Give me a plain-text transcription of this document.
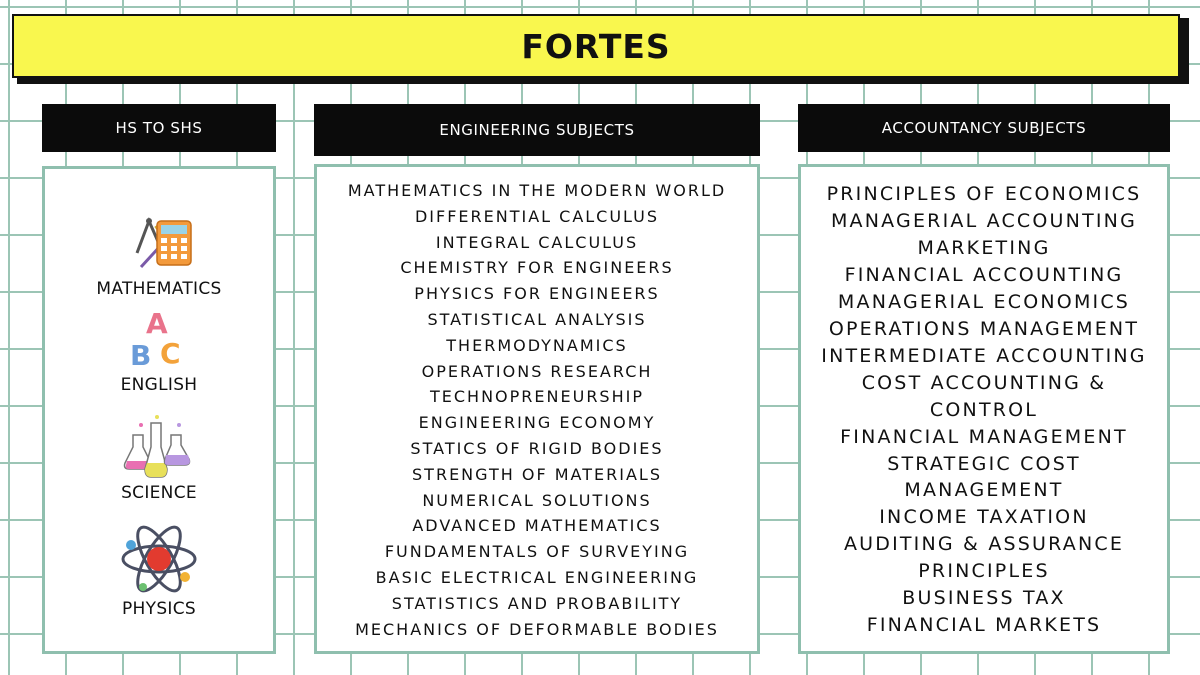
FORTES
HS TO SHS	ENGINEERING SUBJECTS	ACCOUNTANCY SUBJECTS
MATHEMATICS
A
B C
ENGLISH
SCIENCE
PHYSICS
MATHEMATICS IN THE MODERN WORLD
DIFFERENTIAL CALCULUS
INTEGRAL CALCULUS
CHEMISTRY FOR ENGINEERS
PHYSICS FOR ENGINEERS
STATISTICAL ANALYSIS
THERMODYNAMICS
OPERATIONS RESEARCH
TECHNOPRENEURSHIP
ENGINEERING ECONOMY
STATICS OF RIGID BODIES
STRENGTH OF MATERIALS
NUMERICAL SOLUTIONS
ADVANCED MATHEMATICS
FUNDAMENTALS OF SURVEYING
BASIC ELECTRICAL ENGINEERING
STATISTICS AND PROBABILITY
MECHANICS OF DEFORMABLE BODIES
PRINCIPLES OF ECONOMICS
MANAGERIAL ACCOUNTING
MARKETING
FINANCIAL ACCOUNTING
MANAGERIAL ECONOMICS
OPERATIONS MANAGEMENT
INTERMEDIATE ACCOUNTING
COST ACCOUNTING &
CONTROL
FINANCIAL MANAGEMENT
STRATEGIC COST
MANAGEMENT
INCOME TAXATION
AUDITING & ASSURANCE
PRINCIPLES
BUSINESS TAX
FINANCIAL MARKETS
